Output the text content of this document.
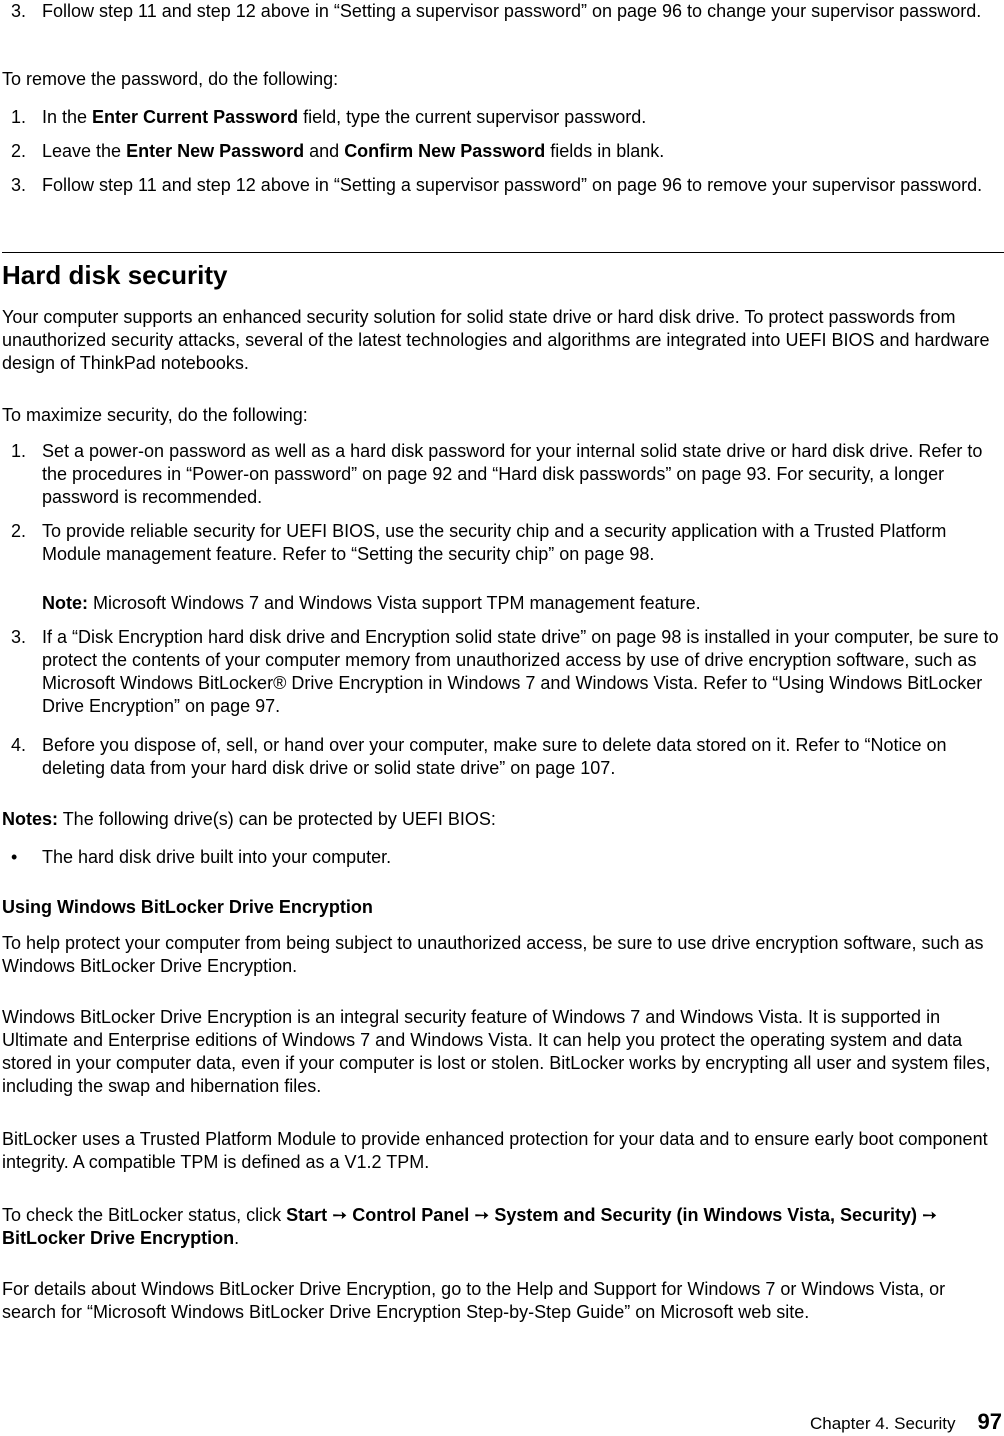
3. Follow step 11 and step 12 above in “Setting a supervisor password” on page 96 to change your supervisor password.

To remove the password, do the following:

1. In the Enter Current Password field, type the current supervisor password.

2. Leave the Enter New Password and Confirm New Password fields in blank.

3. Follow step 11 and step 12 above in “Setting a supervisor password” on page 96 to remove your supervisor password.

Hard disk security

Your computer supports an enhanced security solution for solid state drive or hard disk drive. To protect passwords from unauthorized security attacks, several of the latest technologies and algorithms are integrated into UEFI BIOS and hardware design of ThinkPad notebooks.

To maximize security, do the following:

1. Set a power-on password as well as a hard disk password for your internal solid state drive or hard disk drive. Refer to the procedures in “Power-on password” on page 92 and “Hard disk passwords” on page 93. For security, a longer password is recommended.

2. To provide reliable security for UEFI BIOS, use the security chip and a security application with a Trusted Platform Module management feature. Refer to “Setting the security chip” on page 98.

Note: Microsoft Windows 7 and Windows Vista support TPM management feature.

3. If a “Disk Encryption hard disk drive and Encryption solid state drive” on page 98 is installed in your computer, be sure to protect the contents of your computer memory from unauthorized access by use of drive encryption software, such as Microsoft Windows BitLocker® Drive Encryption in Windows 7 and Windows Vista. Refer to “Using Windows BitLocker Drive Encryption” on page 97.

4. Before you dispose of, sell, or hand over your computer, make sure to delete data stored on it. Refer to “Notice on deleting data from your hard disk drive or solid state drive” on page 107.

Notes: The following drive(s) can be protected by UEFI BIOS:

• The hard disk drive built into your computer.

Using Windows BitLocker Drive Encryption

To help protect your computer from being subject to unauthorized access, be sure to use drive encryption software, such as Windows BitLocker Drive Encryption.

Windows BitLocker Drive Encryption is an integral security feature of Windows 7 and Windows Vista. It is supported in Ultimate and Enterprise editions of Windows 7 and Windows Vista. It can help you protect the operating system and data stored in your computer data, even if your computer is lost or stolen. BitLocker works by encrypting all user and system files, including the swap and hibernation files.

BitLocker uses a Trusted Platform Module to provide enhanced protection for your data and to ensure early boot component integrity. A compatible TPM is defined as a V1.2 TPM.

To check the BitLocker status, click Start ➙ Control Panel ➙ System and Security (in Windows Vista, Security) ➙ BitLocker Drive Encryption.

For details about Windows BitLocker Drive Encryption, go to the Help and Support for Windows 7 or Windows Vista, or search for “Microsoft Windows BitLocker Drive Encryption Step-by-Step Guide” on Microsoft web site.

Chapter 4. Security 97
